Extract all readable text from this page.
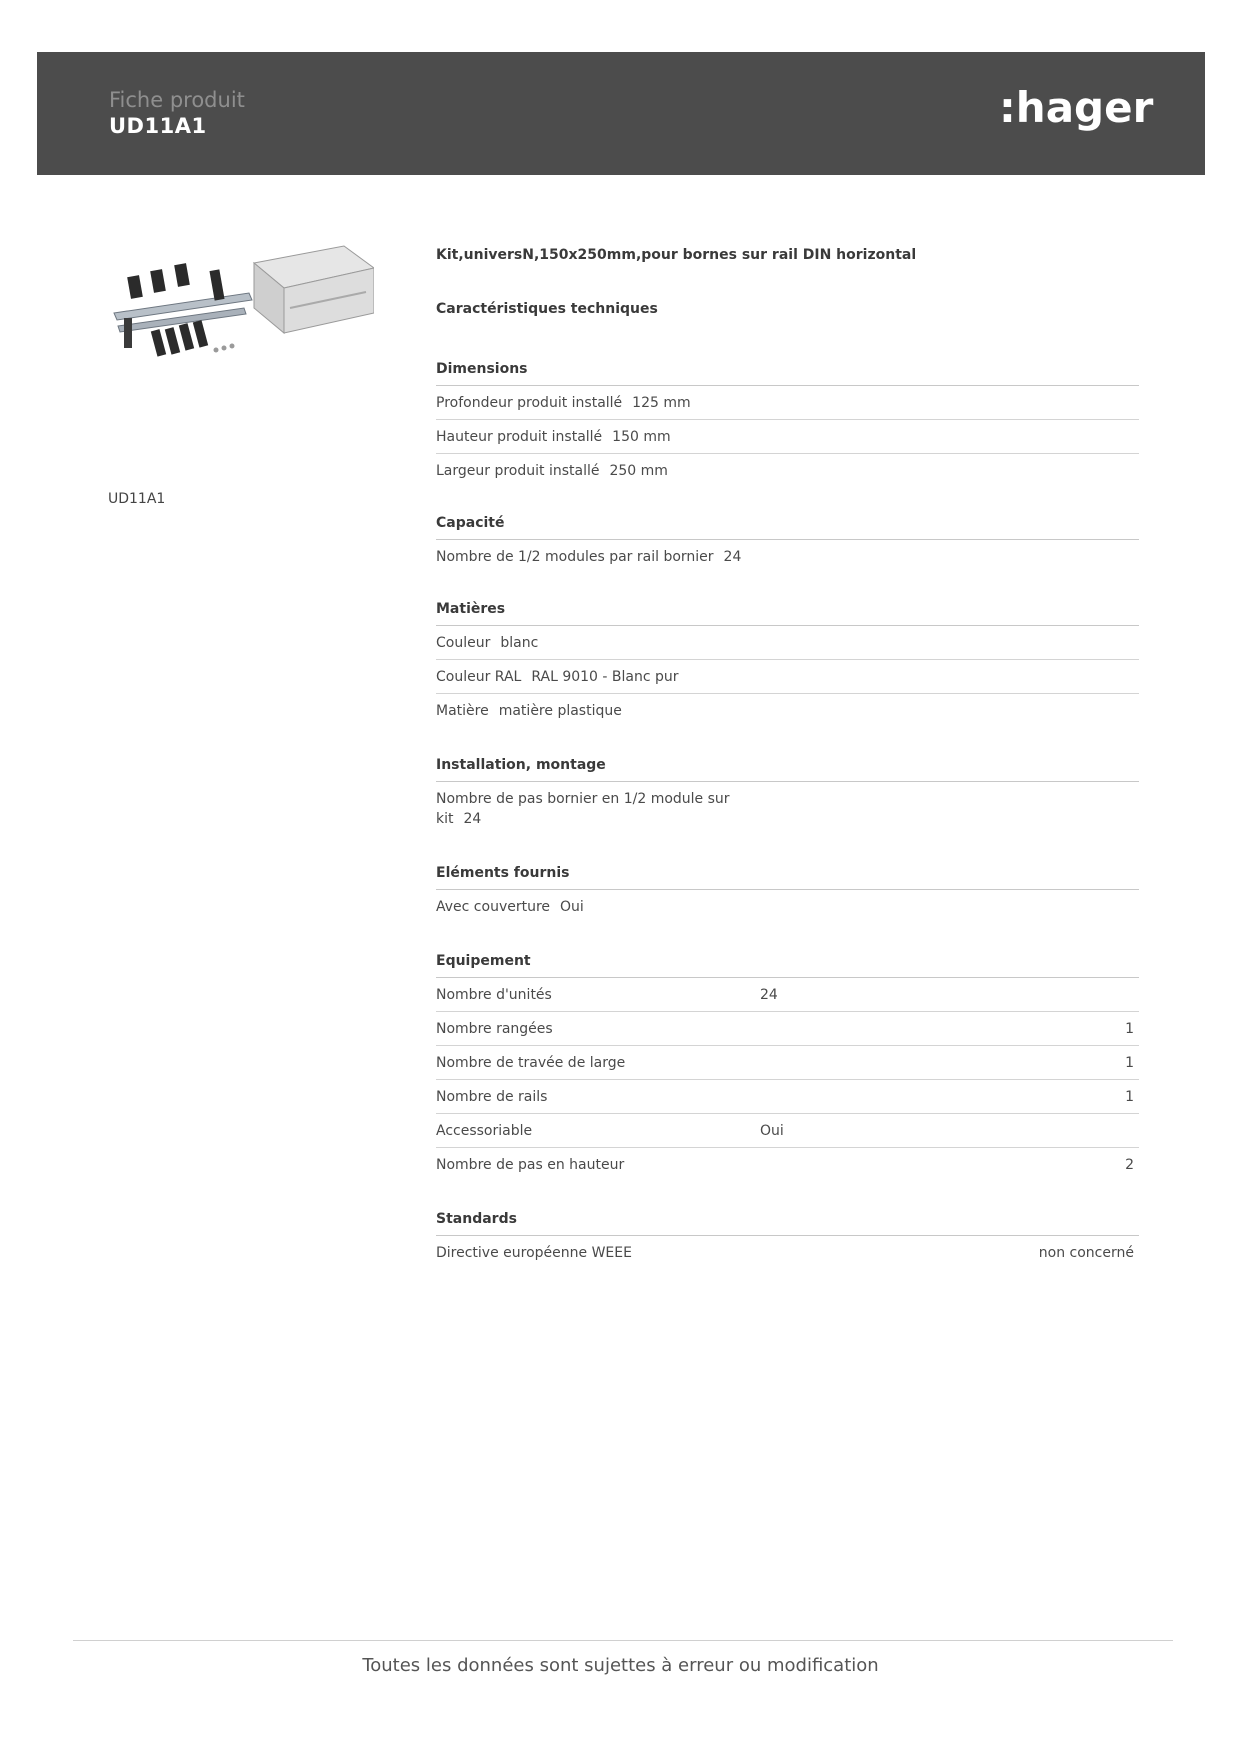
Fiche produit
UD11A1	:hager
UD11A1
Kit,universN,150x250mm,pour bornes sur rail DIN horizontal
Caractéristiques techniques
Dimensions
Profondeur produit installé 125 mm
Hauteur produit installé 150 mm
Largeur produit installé 250 mm
Capacité
Nombre de 1/2 modules par rail bornier 24
Matières
Couleur blanc
Couleur RAL RAL 9010 - Blanc pur
Matière matière plastique
Installation, montage
Nombre de pas bornier en 1/2 module sur kit 24
Eléments fournis
Avec couverture Oui
Equipement
Nombre d'unités	24
Nombre rangées	1
Nombre de travée de large	1
Nombre de rails	1
Accessoriable	Oui
Nombre de pas en hauteur	2
Standards
Directive européenne WEEE	non concerné
Toutes les données sont sujettes à erreur ou modification
